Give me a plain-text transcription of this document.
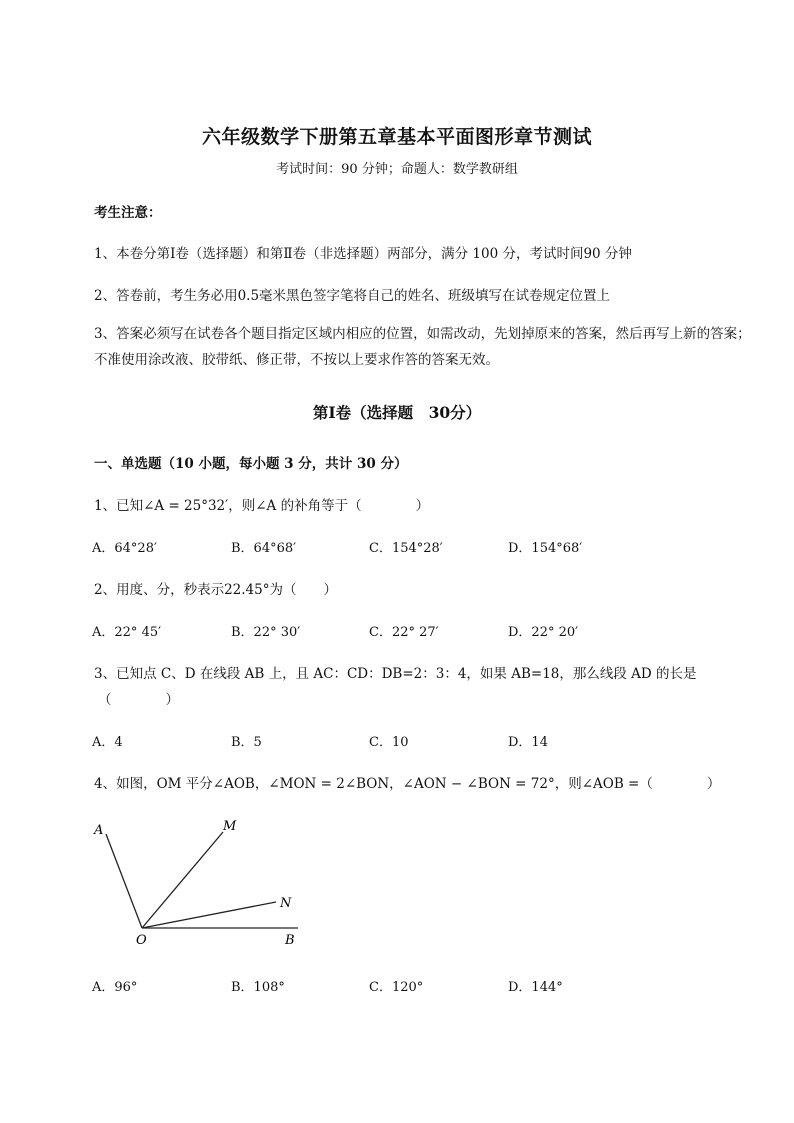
六年级数学下册第五章基本平面图形章节测试
考试时间：90 分钟；命题人：数学教研组
考生注意：
1、本卷分第Ⅰ卷（选择题）和第Ⅱ卷（非选择题）两部分，满分 100 分，考试时间90 分钟
2、答卷前，考生务必用0.5毫米黑色签字笔将自己的姓名、班级填写在试卷规定位置上
3、答案必须写在试卷各个题目指定区域内相应的位置，如需改动，先划掉原来的答案，然后再写上新的答案；不准使用涂改液、胶带纸、修正带，不按以上要求作答的答案无效。
第Ⅰ卷（选择题　30分）
一、单选题（10 小题，每小题 3 分，共计 30 分）
1、已知∠A = 25°32′，则∠A 的补角等于（　　　　）
A．64°28′	B．64°68′	C．154°28′	D．154°68′
2、用度、分，秒表示22.45°为（　　）
A．22° 45′	B．22° 30′	C．22° 27′	D．22° 20′
3、已知点 C、D 在线段 AB 上，且 AC：CD：DB=2：3：4，如果 AB=18，那么线段 AD 的长是
（　　　　）
A．4	B．5	C．10	D．14
4、如图，OM 平分∠AOB，∠MON = 2∠BON，∠AON − ∠BON = 72°，则∠AOB =（　　　　）
A	M
N
O	B
A．96°	B．108°	C．120°	D．144°
